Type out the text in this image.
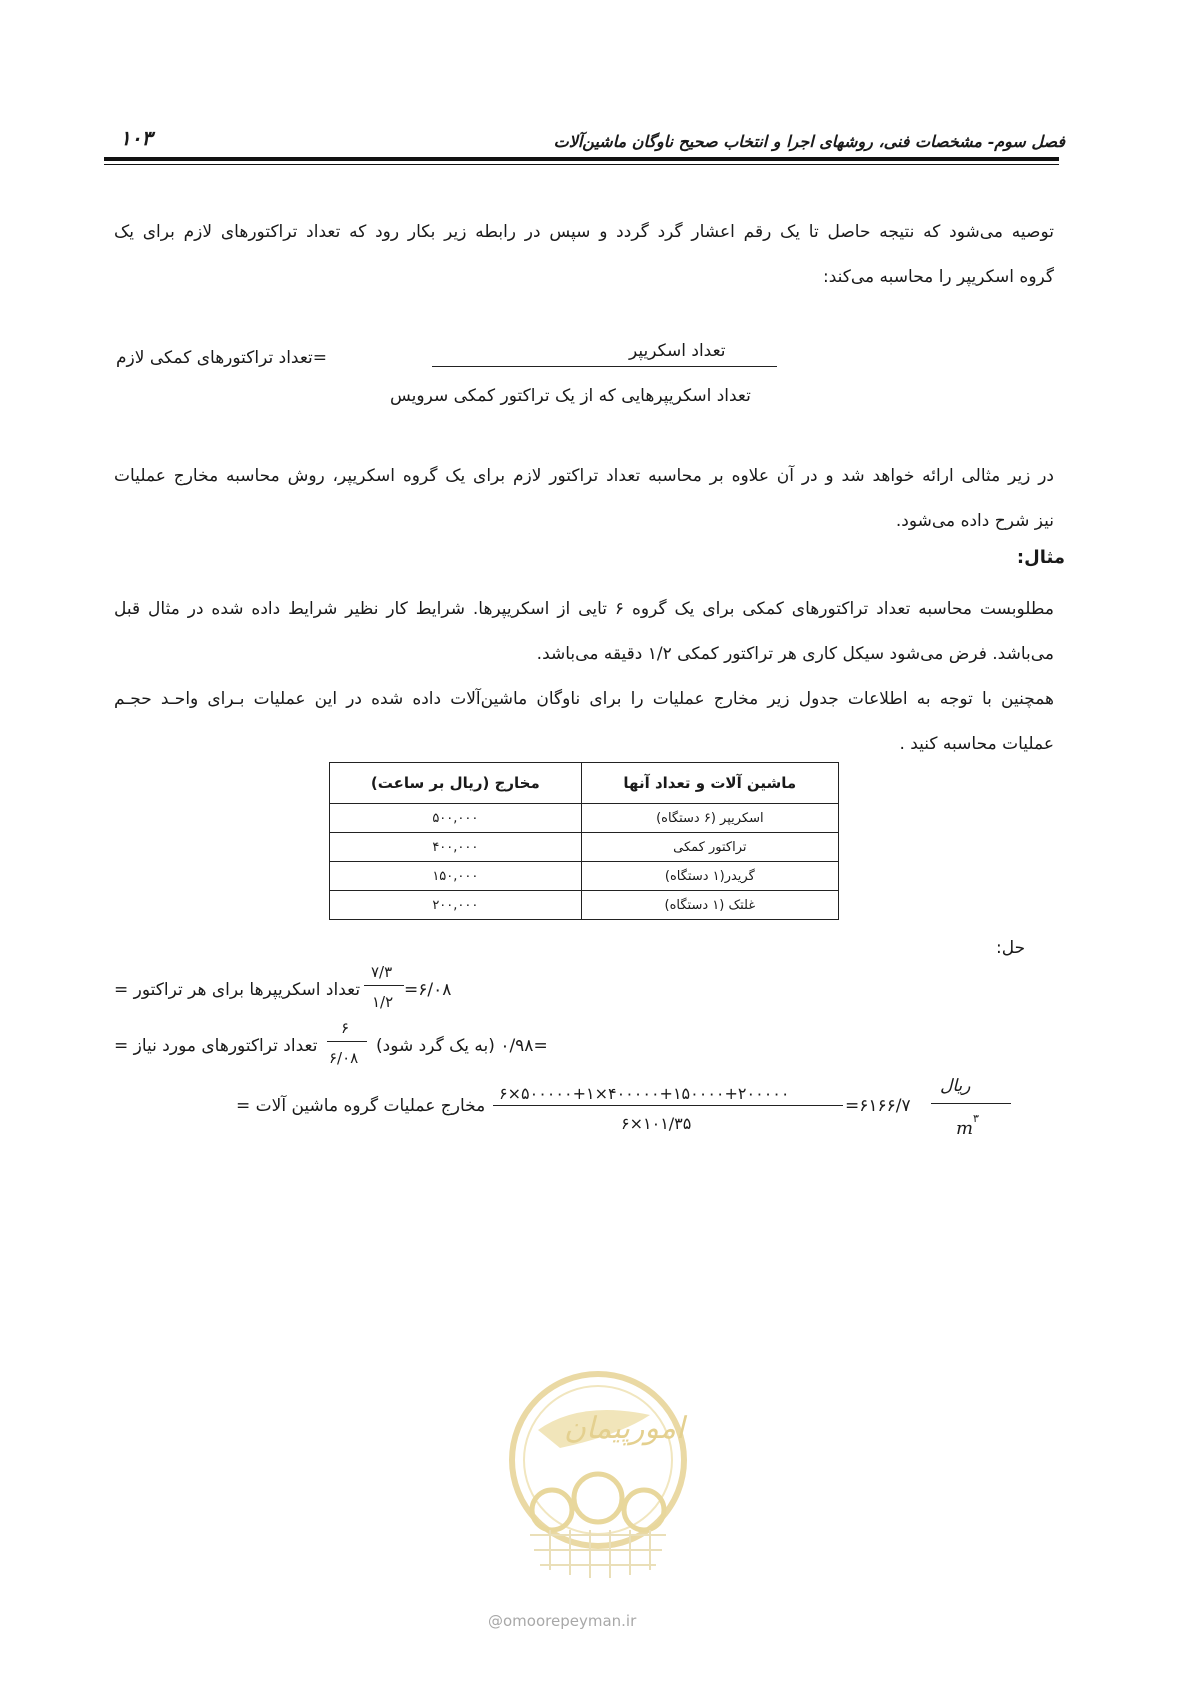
فصل سوم- مشخصات فنی، روشهای اجرا و انتخاب صحیح ناوگان ماشین‌آلات
۱۰۳
توصیه می‌شود که نتیجه حاصل تا یک رقم اعشار گرد گردد و سپس در رابطه زیر بکار رود که تعداد تراکتورهای لازم برای یک
گروه اسکریپر را محاسبه می‌کند:
=تعداد تراکتورهای کمکی لازم	تعداد اسکریپر
تعداد اسکریپرهایی که از یک تراکتور کمکی سرویس
در زیر مثالی ارائه خواهد شد و در آن علاوه بر محاسبه تعداد تراکتور لازم برای یک گروه اسکریپر، روش محاسبه مخارج عملیات
نیز شرح داده می‌شود.
مثال:
مطلوبست محاسبه تعداد تراکتورهای کمکی برای یک گروه ۶ تایی از اسکریپرها. شرایط کار نظیر شرایط داده شده در مثال قبل
می‌باشد. فرض می‌شود سیکل کاری هر تراکتور کمکی ۱/۲ دقیقه می‌باشد.
همچنین با توجه به اطلاعات جدول زیر مخارج عملیات را برای ناوگان ماشین‌آلات داده شده در این عملیات بـرای واحـد حجـم
عملیات محاسبه کنید .
ماشین آلات و تعداد آنها	مخارج (ریال بر ساعت)
اسکریپر (۶ دستگاه)	۵۰۰,۰۰۰
تراکتور کمکی	۴۰۰,۰۰۰
گریدر(۱ دستگاه)	۱۵۰,۰۰۰
غلتک (۱ دستگاه)	۲۰۰,۰۰۰
حل:
تعداد اسکریپرها برای هر تراکتور =
۷/۳
۱/۲
=۶/۰۸
تعداد تراکتورهای مورد نیاز =
۶
۶/۰۸
=۰/۹۸ (به یک گرد شود)
مخارج عملیات گروه ماشین آلات =
۶×۵۰۰۰۰۰+۱×۴۰۰۰۰۰+۱۵۰۰۰۰+۲۰۰۰۰۰
۶×۱۰۱/۳۵
=۶۱۶۶/۷
ریال
m ۳
امورپیمان
@omoorepeyman.ir
